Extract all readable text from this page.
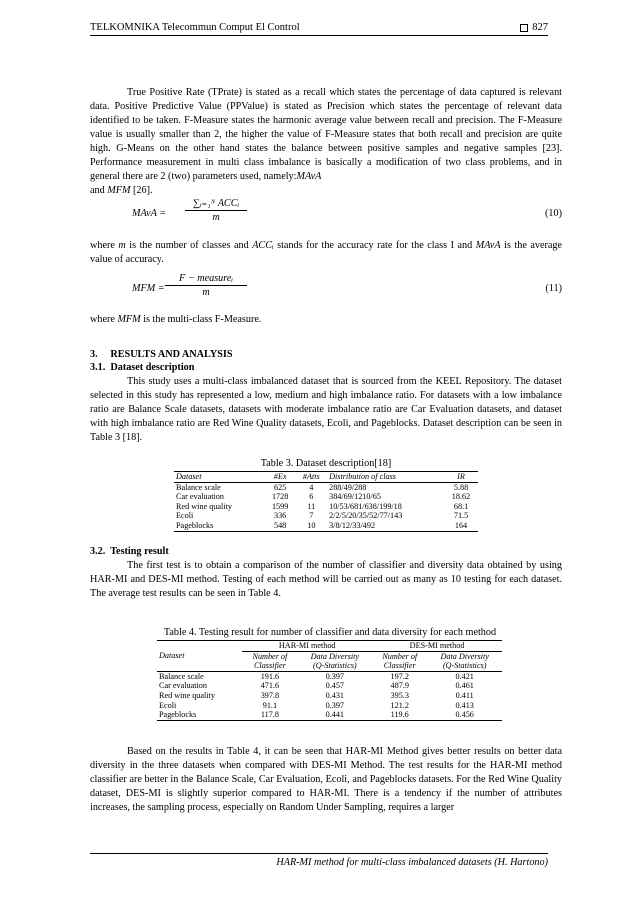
TELKOMNIKA Telecommun Comput El Control	827

True Positive Rate (TPrate) is stated as a recall which states the percentage of data captured is relevant data. Positive Predictive Value (PPValue) is stated as Precision which states the percentage of relevant data identified to be taken. F-Measure states the harmonic average value between recall and precision. The F-Measure value is usually smaller than 2, the higher the value of F-Measure states that both recall and precision are quite high. G-Means on the other hand states the balance between positive samples and negative samples [23]. Performance measurement in multi class imbalance is basically a modification of two class problems, and in general there are 2 (two) parameters used, namely:MAvA
and MFM [26].

MAvA =
∑ᵢ₌₁ᴺ ACCᵢ
m	(10)

where m is the number of classes and ACCᵢ stands for the accuracy rate for the class I and MAvA is the average value of accuracy.

MFM =
F − measureᵢ
m	(11)

where MFM is the multi-class F-Measure.

3.     RESULTS AND ANALYSIS

3.1.  Dataset description

This study uses a multi-class imbalanced dataset that is sourced from the KEEL Repository. The dataset selected in this study has represented a low, medium and high imbalance ratio. For datasets with a low imbalance ratio are Balance Scale datasets, datasets with moderate imbalance ratio are Car Evaluation datasets, and dataset with high imbalance ratio are Red Wine Quality datasets, Ecoli, and Pageblocks. Dataset description can be seen in Table 3 [18].

Table 3. Dataset description[18]

Dataset	#Ex	#Atts	Distribution of class	IR
Balance scale	625	4	288/49/288	5.88
Car evaluation	1728	6	384/69/1210/65	18.62
Red wine quality	1599	11	10/53/681/638/199/18	68.1
Ecoli	336	7	2/2/5/20/35/52/77/143	71.5
Pageblocks	548	10	3/8/12/33/492	164

3.2.  Testing result

The first test is to obtain a comparison of the number of classifier and diversity data obtained by using HAR-MI and DES-MI method. Testing of each method will be carried out as many as 10 testing for each dataset. The average test results can be seen in Table 4.

Table 4. Testing result for number of classifier and data diversity for each method

Dataset	HAR-MI method		DES-MI method	
	Number of	Data Diversity	Number of	Data Diversity
	Classifier	(Q-Statistics)	Classifier	(Q-Statistics)
Balance scale	191.6	0.397	197.2	0.421
Car evaluation	471.6	0.457	487.9	0.461
Red wine quality	397.8	0.431	395.3	0.411
Ecoli	91.1	0.397	121.2	0.413
Pageblocks	117.8	0.441	119.6	0.456

Based on the results in Table 4, it can be seen that HAR-MI Method gives better results on better data diversity in the three datasets when compared with DES-MI Method. The test results for the HAR-MI method classifier are better in the Balance Scale, Car Evaluation, Ecoli, and Pageblocks datasets. For the Red Wine Quality dataset, DES-MI is slightly superior compared to HAR-MI. There is a tendency if the number of attributes increases, the sampling process, especially on Random Under Sampling, requires a larger

HAR-MI method for multi-class imbalanced datasets (H. Hartono)
